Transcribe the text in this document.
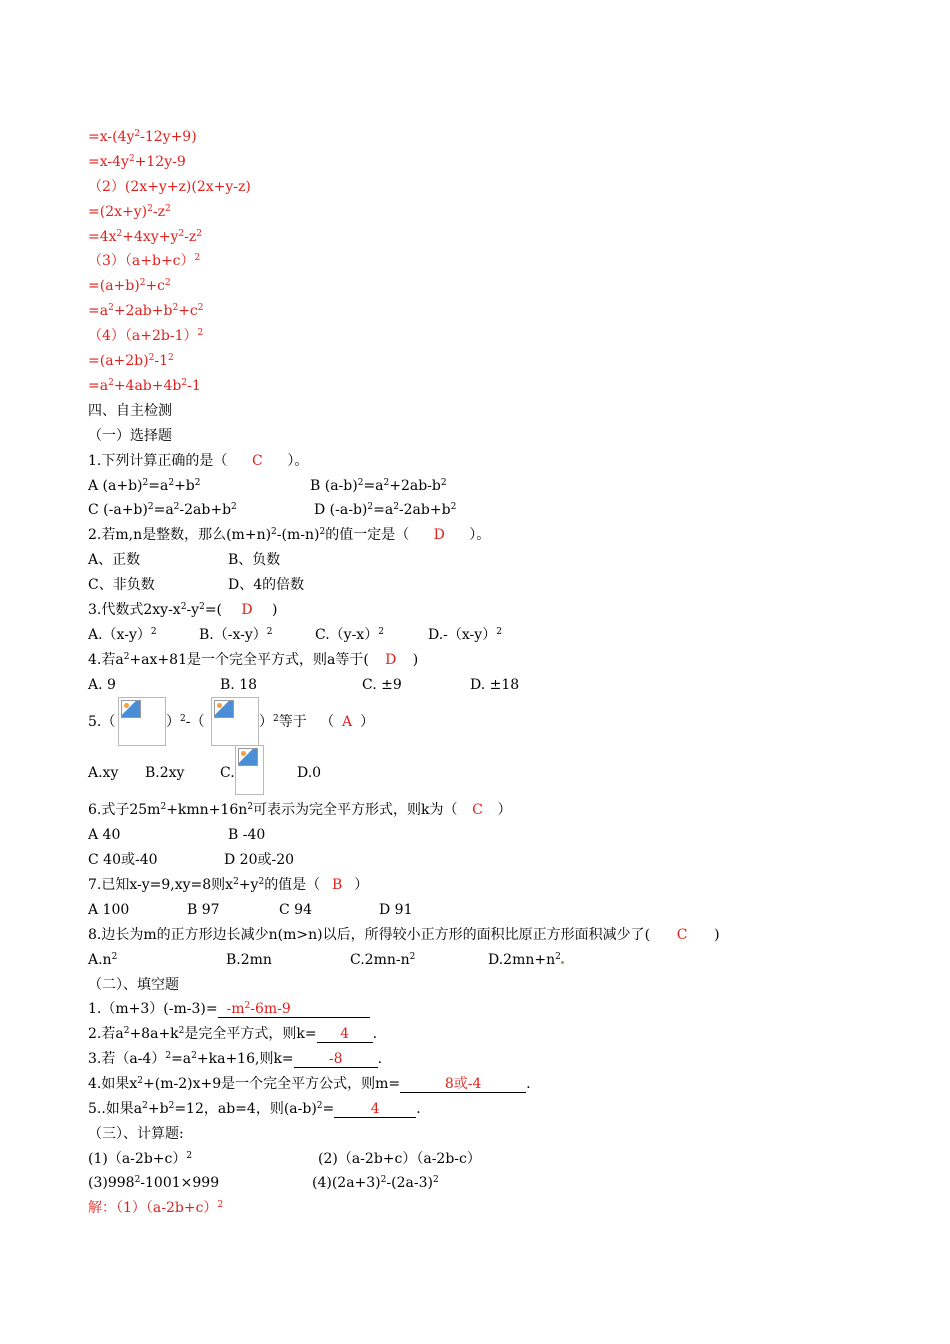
$=x-(4y^2-12y+9)$
$=x-4y^2+12y-9$
（2）(2x+y+z)(2x+y-z)
$=(2x+y)^2-z^2$
$=4x^2+4xy+y^2-z^2$
$(3)(a+b+c)^2$
$=(a+b)^2+c^2$
$=a^2+2ab+b^2+c^2$
$(4)(a+2b-1)^2$
$=(a+2b)^2-1^2$
$=a^2+4ab+4b^2-1$
四、自主检测
（一）选择题
1.下列计算正确的是（ C ）。
A $(a+b)^2=a^2+b^2$	B $(a-b)^2=a^2+2ab-b^2$
C $(-a+b)^2=a^2-2ab+b^2$	D $(-a-b)^2=a^2-2ab+b^2$
2.若m,n是整数，那么$(m+n)^2-(m-n)^2$的值一定是（ D ）。
A、正数	B、负数
C、非负数	D、4的倍数
3.代数式$2xy-x^2-y^2=$( D )
$A.(x-y)^2$	$B.(-x-y)^2$	$C.(y-x)^2$	$D.-(x-y)^2$
4.若$a^2+ax+81$是一个完全平方式，则a等于( D )
A. 9	B. 18	C. ±9	D. ±18
5.（	）$^2$-（	）$^2$等于   （ A ）
A.xy B.2xy	C.	D.0
6.式子$25m^2+kmn+16n^2$可表示为完全平方形式，则k为（ C ）
A 40	B -40
C 40或-40	D 20或-20
7.已知x-y=9,xy=8则$x^2+y^2$的值是（ B ）
A 100	B 97	C 94	D 91
8.边长为m的正方形边长减少n(m>n)以后，所得较小正方形的面积比原正方形面积减少了( C )
$A.n^2$	B.2mn	$C.2mn-n^2$	$D.2mn+n^2$
（二）、填空题
$1.(m+3)(-m-3)= -m^2-6m-9$
2.若$a^2+8a+k^2$是完全平方式，则k= 4 .
3.若$(a-4)^2=a^2+ka+16$,则k=	-8	.
4.如果$x^2+(m-2)x+9$是一个完全平方公式，则m=	8或-4	.
5..如果$a^2+b^2=12$，ab=4，则$(a-b)^2=$	4	.
（三）、计算题:
$(1)(a-2b+c)^2$	(2)（a-2b+c）（a-2b-c）
$(3)998^2-1001\times 999$	$(4)(2a+3)^2-(2a-3)^2$
解：$(1)(a-2b+c)^2$
